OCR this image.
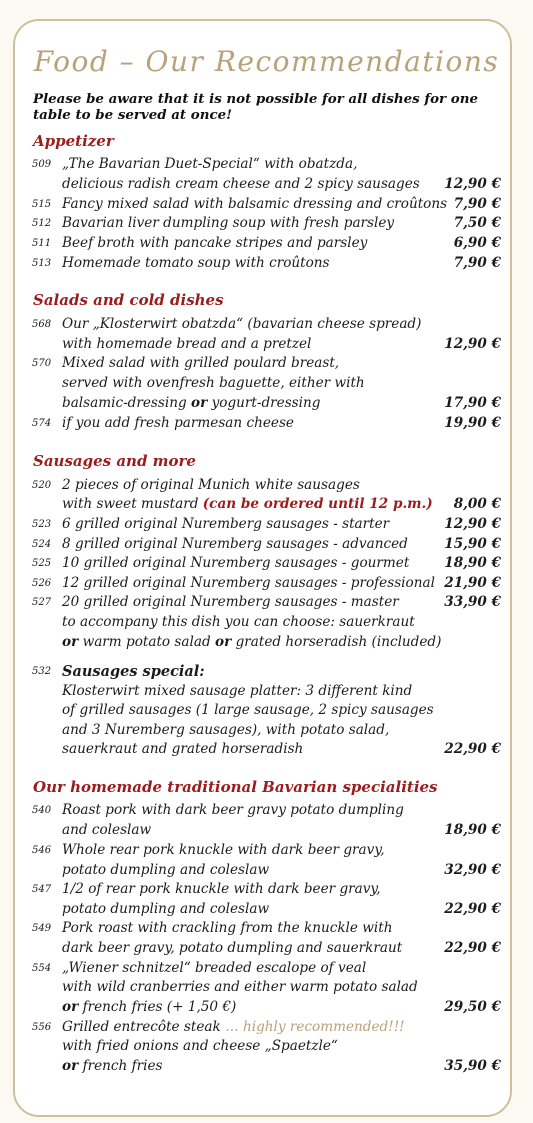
Food – Our Recommendations

Please be aware that it is not possible for all dishes for one table to be served at once!

Appetizer
509 „The Bavarian Duet-Special“ with obatzda,
delicious radish cream cheese and 2 spicy sausages 12,90 €
515 Fancy mixed salad with balsamic dressing and croûtons 7,90 €
512 Bavarian liver dumpling soup with fresh parsley	7,50 €
511 Beef broth with pancake stripes and parsley	6,90 €
513 Homemade tomato soup with croûtons	7,90 €
Salads and cold dishes
568 Our „Klosterwirt obatzda“ (bavarian cheese spread)
with homemade bread and a pretzel	12,90 €
570 Mixed salad with grilled poulard breast,
served with ovenfresh baguette, either with
balsamic-dressing or yogurt-dressing	17,90 €
574 if you add fresh parmesan cheese	19,90 €
Sausages and more
520 2 pieces of original Munich white sausages
with sweet mustard (can be ordered until 12 p.m.) 8,00 €
523 6 grilled original Nuremberg sausages - starter	12,90 €
524 8 grilled original Nuremberg sausages - advanced	15,90 €
525 10 grilled original Nuremberg sausages - gourmet	18,90 €
526 12 grilled original Nuremberg sausages - professional 21,90 €
527 20 grilled original Nuremberg sausages - master	33,90 €
to accompany this dish you can choose: sauerkraut
or warm potato salad or grated horseradish (included)
532 Sausages special:
Klosterwirt mixed sausage platter: 3 different kind
of grilled sausages (1 large sausage, 2 spicy sausages
and 3 Nuremberg sausages), with potato salad,
sauerkraut and grated horseradish	22,90 €
Our homemade traditional Bavarian specialities
540 Roast pork with dark beer gravy potato dumpling
and coleslaw	18,90 €
546 Whole rear pork knuckle with dark beer gravy,
potato dumpling and coleslaw	32,90 €
547 1/2 of rear pork knuckle with dark beer gravy,
potato dumpling and coleslaw	22,90 €
549 Pork roast with crackling from the knuckle with
dark beer gravy, potato dumpling and sauerkraut	22,90 €
554 „Wiener schnitzel“ breaded escalope of veal
with wild cranberries and either warm potato salad
or french fries (+ 1,50 €)	29,50 €
556 Grilled entrecôte steak … highly recommended!!!
with fried onions and cheese „Spaetzle“
or french fries	35,90 €
